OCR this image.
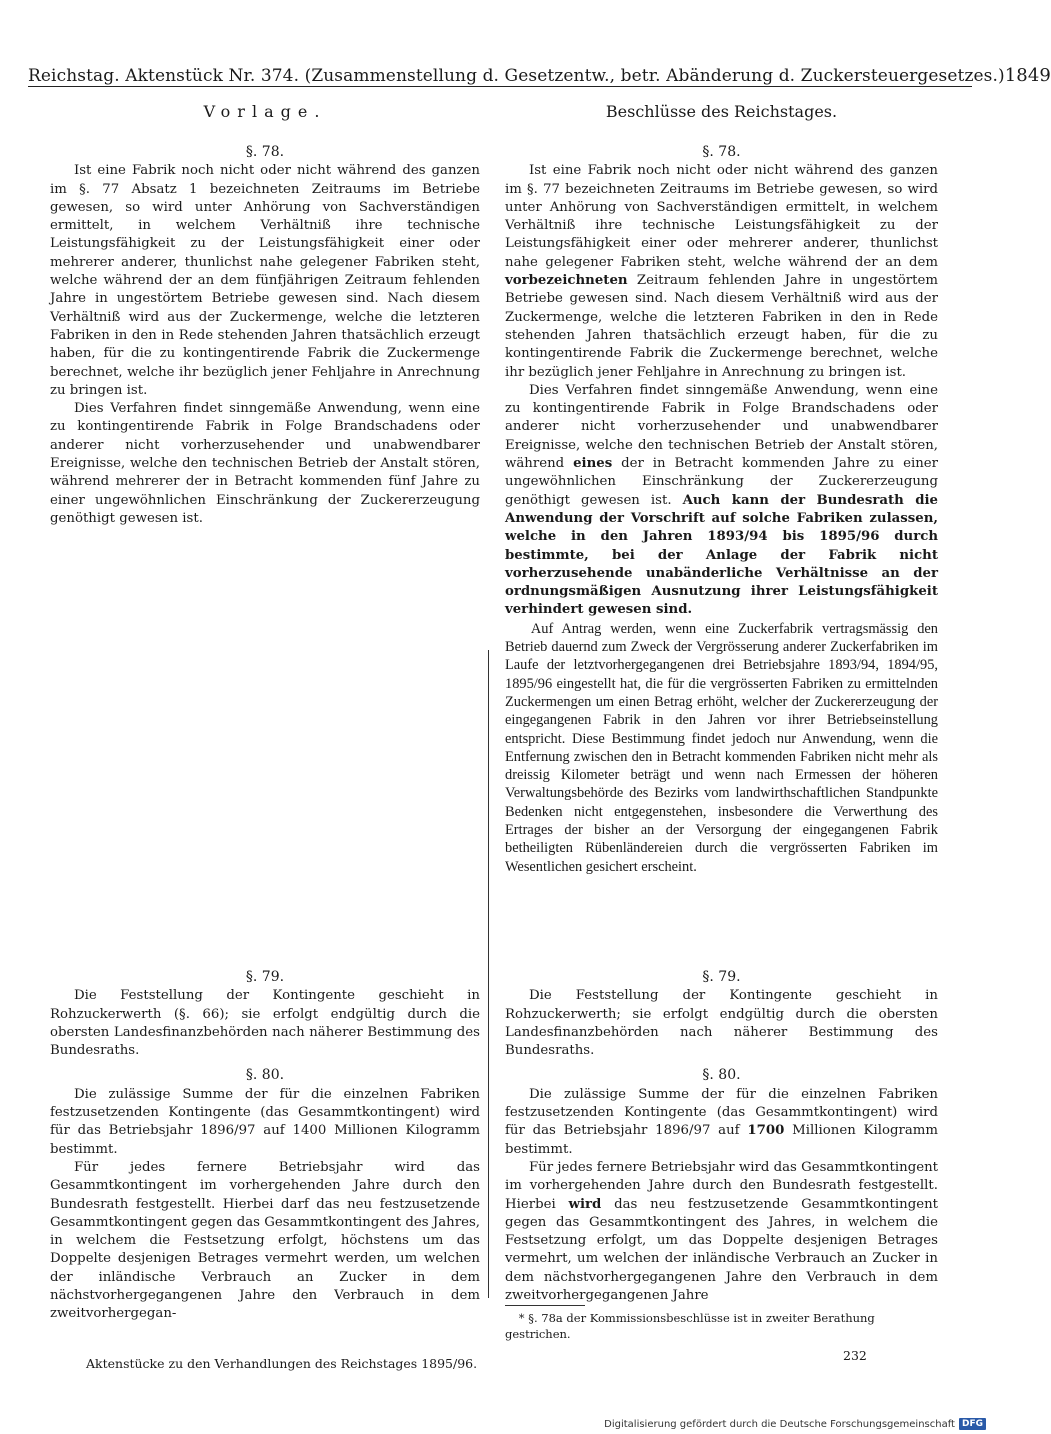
Reichstag. Aktenstück Nr. 374. (Zusammenstellung d. Gesetzentw., betr. Abänderung d. Zuckersteuergesetzes.) 1849
Vorlage.
§. 78.

Ist eine Fabrik noch nicht oder nicht während des ganzen im §. 77 Absatz 1 bezeichneten Zeitraums im Betriebe gewesen, so wird unter Anhörung von Sachverständigen ermittelt, in welchem Verhältniß ihre technische Leistungsfähigkeit zu der Leistungsfähigkeit einer oder mehrerer anderer, thunlichst nahe gelegener Fabriken steht, welche während der an dem fünfjährigen Zeitraum fehlenden Jahre in ungestörtem Betriebe gewesen sind. Nach diesem Verhältniß wird aus der Zuckermenge, welche die letzteren Fabriken in den in Rede stehenden Jahren thatsächlich erzeugt haben, für die zu kontingentirende Fabrik die Zuckermenge berechnet, welche ihr bezüglich jener Fehljahre in Anrechnung zu bringen ist.

Dies Verfahren findet sinngemäße Anwendung, wenn eine zu kontingentirende Fabrik in Folge Brandschadens oder anderer nicht vorherzusehender und unabwendbarer Ereignisse, welche den technischen Betrieb der Anstalt stören, während mehrerer der in Betracht kommenden fünf Jahre zu einer ungewöhnlichen Einschränkung der Zuckererzeugung genöthigt gewesen ist.

Beschlüsse des Reichstages.
§. 78.

Ist eine Fabrik noch nicht oder nicht während des ganzen im §. 77 bezeichneten Zeitraums im Betriebe gewesen, so wird unter Anhörung von Sachverständigen ermittelt, in welchem Verhältniß ihre technische Leistungsfähigkeit zu der Leistungsfähigkeit einer oder mehrerer anderer, thunlichst nahe gelegener Fabriken steht, welche während der an dem vorbezeichneten Zeitraum fehlenden Jahre in ungestörtem Betriebe gewesen sind. Nach diesem Verhältniß wird aus der Zuckermenge, welche die letzteren Fabriken in den in Rede stehenden Jahren thatsächlich erzeugt haben, für die zu kontingentirende Fabrik die Zuckermenge berechnet, welche ihr bezüglich jener Fehljahre in Anrechnung zu bringen ist.

Dies Verfahren findet sinngemäße Anwendung, wenn eine zu kontingentirende Fabrik in Folge Brandschadens oder anderer nicht vorherzusehender und unabwendbarer Ereignisse, welche den technischen Betrieb der Anstalt stören, während eines der in Betracht kommenden Jahre zu einer ungewöhnlichen Einschränkung der Zuckererzeugung genöthigt gewesen ist. Auch kann der Bundesrath die Anwendung der Vorschrift auf solche Fabriken zulassen, welche in den Jahren 1893/94 bis 1895/96 durch bestimmte, bei der Anlage der Fabrik nicht vorherzusehende unabänderliche Verhältnisse an der ordnungsmäßigen Ausnutzung ihrer Leistungsfähigkeit verhindert gewesen sind.

Auf Antrag werden, wenn eine Zuckerfabrik vertragsmässig den Betrieb dauernd zum Zweck der Vergrösserung anderer Zuckerfabriken im Laufe der letztvorhergegangenen drei Betriebsjahre 1893/94, 1894/95, 1895/96 eingestellt hat, die für die vergrösserten Fabriken zu ermittelnden Zuckermengen um einen Betrag erhöht, welcher der Zuckererzeugung der eingegangenen Fabrik in den Jahren vor ihrer Betriebseinstellung entspricht. Diese Bestimmung findet jedoch nur Anwendung, wenn die Entfernung zwischen den in Betracht kommenden Fabriken nicht mehr als dreissig Kilometer beträgt und wenn nach Ermessen der höheren Verwaltungsbehörde des Bezirks vom landwirthschaftlichen Standpunkte Bedenken nicht entgegenstehen, insbesondere die Verwerthung des Ertrages der bisher an der Versorgung der eingegangenen Fabrik betheiligten Rübenländereien durch die vergrösserten Fabriken im Wesentlichen gesichert erscheint.

§. 79.

Die Feststellung der Kontingente geschieht in Rohzuckerwerth (§. 66); sie erfolgt endgültig durch die obersten Landesfinanzbehörden nach näherer Bestimmung des Bundesraths.

§. 80.

Die zulässige Summe der für die einzelnen Fabriken festzusetzenden Kontingente (das Gesammtkontingent) wird für das Betriebsjahr 1896/97 auf 1400 Millionen Kilogramm bestimmt.

Für jedes fernere Betriebsjahr wird das Gesammtkontingent im vorhergehenden Jahre durch den Bundesrath festgestellt. Hierbei darf das neu festzusetzende Gesammtkontingent gegen das Gesammtkontingent des Jahres, in welchem die Festsetzung erfolgt, höchstens um das Doppelte desjenigen Betrages vermehrt werden, um welchen der inländische Verbrauch an Zucker in dem nächstvorhergegangenen Jahre den Verbrauch in dem zweitvorhergegan-

§. 79.

Die Feststellung der Kontingente geschieht in Rohzuckerwerth; sie erfolgt endgültig durch die obersten Landesfinanzbehörden nach näherer Bestimmung des Bundesraths.

§. 80.

Die zulässige Summe der für die einzelnen Fabriken festzusetzenden Kontingente (das Gesammtkontingent) wird für das Betriebsjahr 1896/97 auf 1700 Millionen Kilogramm bestimmt.

Für jedes fernere Betriebsjahr wird das Gesammtkontingent im vorhergehenden Jahre durch den Bundesrath festgestellt. Hierbei wird das neu festzusetzende Gesammtkontingent gegen das Gesammtkontingent des Jahres, in welchem die Festsetzung erfolgt, um das Doppelte desjenigen Betrages vermehrt, um welchen der inländische Verbrauch an Zucker in dem nächstvorhergegangenen Jahre den Verbrauch in dem zweitvorhergegangenen Jahre

* §. 78a der Kommissionsbeschlüsse ist in zweiter Berathung gestrichen.
Aktenstücke zu den Verhandlungen des Reichstages 1895/96.
232
Digitalisierung gefördert durch die Deutsche Forschungsgemeinschaft DFG
